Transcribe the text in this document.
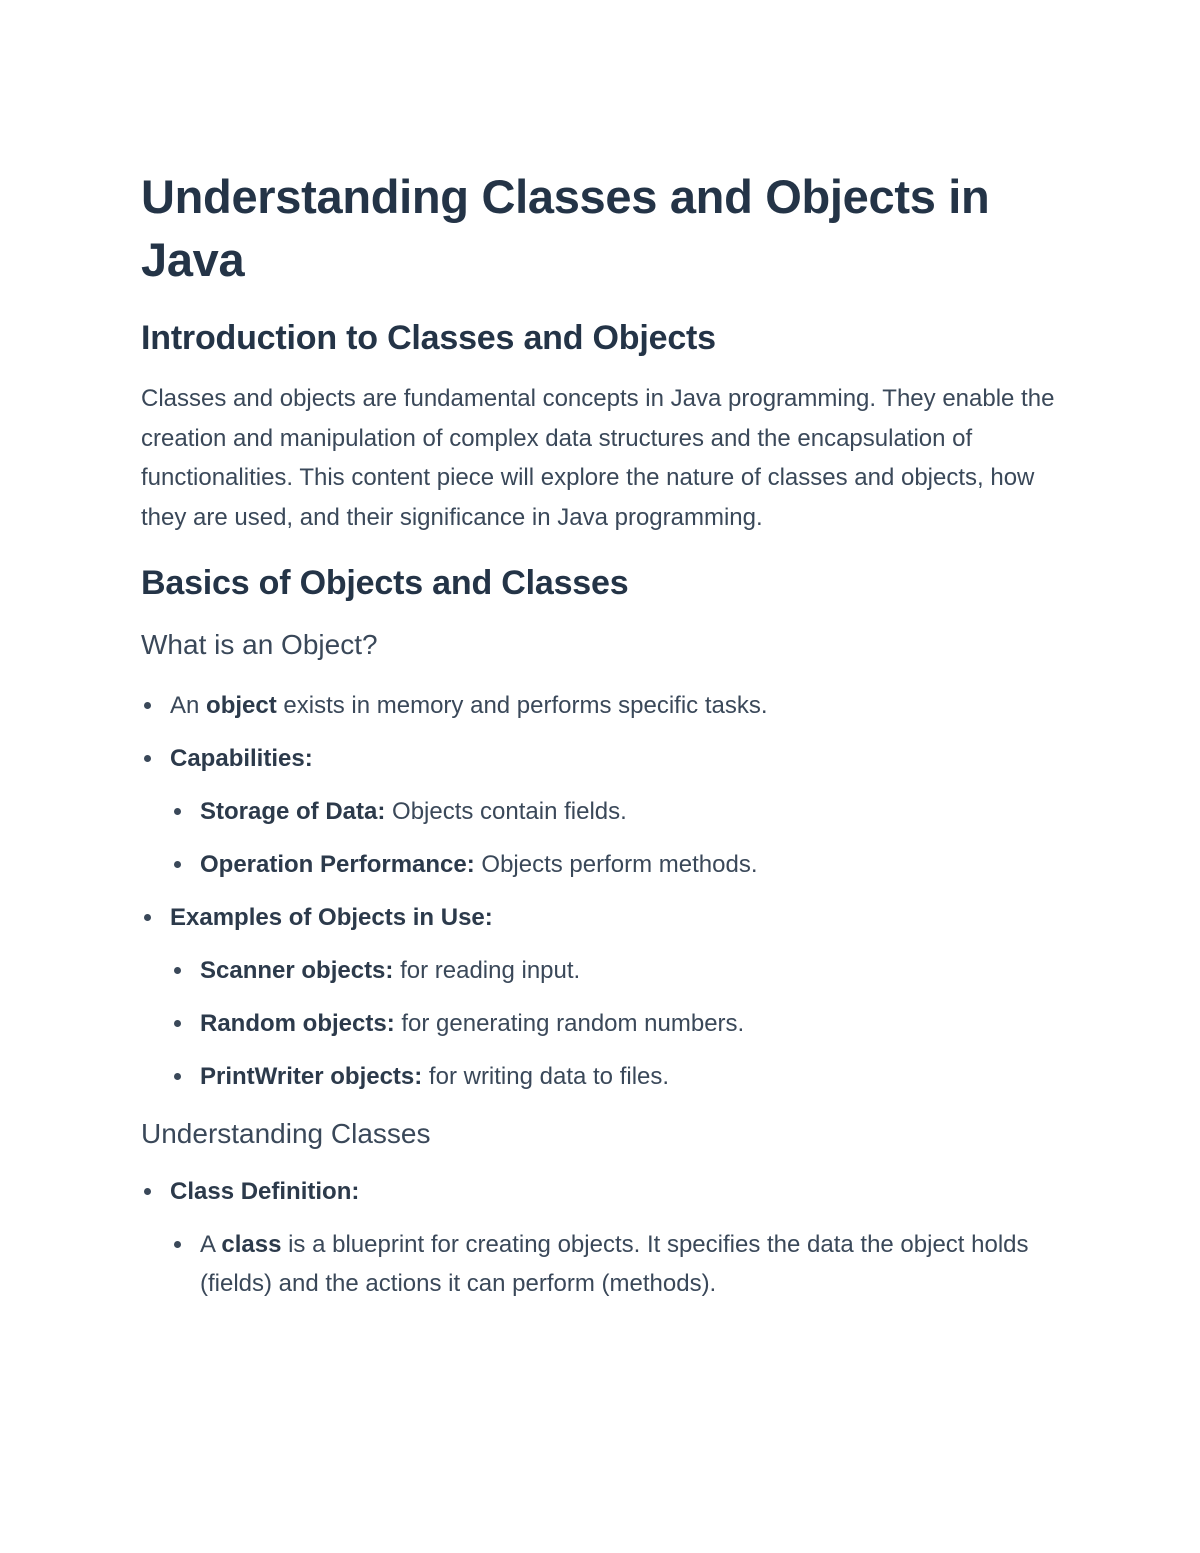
Understanding Classes and Objects in Java
Introduction to Classes and Objects

Classes and objects are fundamental concepts in Java programming. They enable the creation and manipulation of complex data structures and the encapsulation of functionalities. This content piece will explore the nature of classes and objects, how they are used, and their significance in Java programming.

Basics of Objects and Classes
What is an Object?
An object exists in memory and performs specific tasks.
Capabilities:
Storage of Data: Objects contain fields.
Operation Performance: Objects perform methods.
Examples of Objects in Use:
Scanner objects: for reading input.
Random objects: for generating random numbers.
PrintWriter objects: for writing data to files.
Understanding Classes
Class Definition:
A class is a blueprint for creating objects. It specifies the data the object holds (fields) and the actions it can perform (methods).
